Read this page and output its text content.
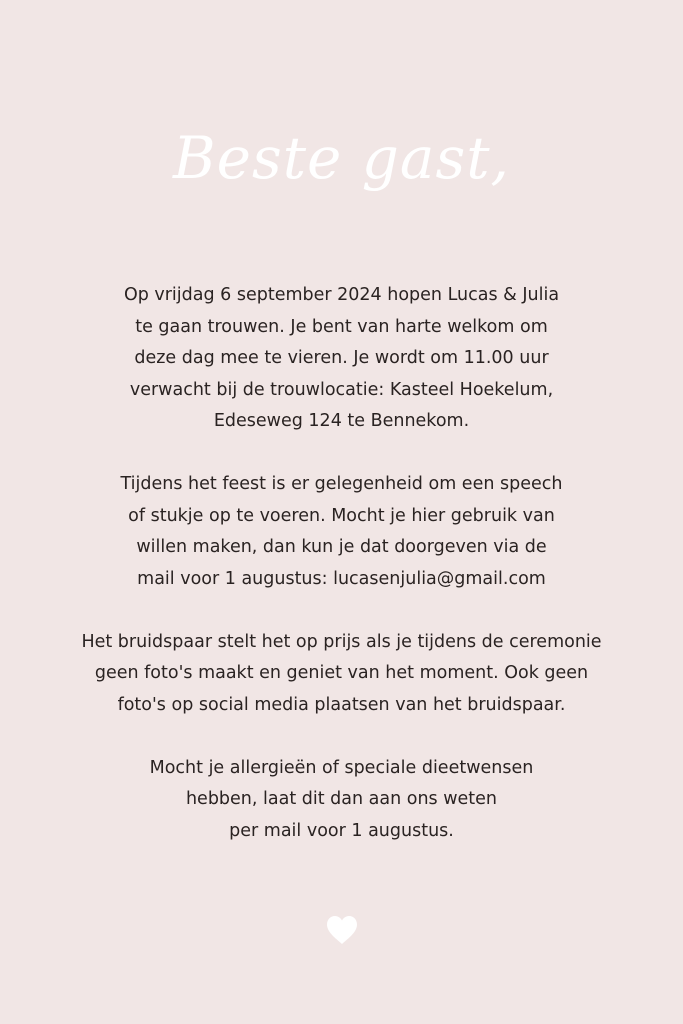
Beste gast,

Op vrijdag 6 september 2024 hopen Lucas & Julia
te gaan trouwen. Je bent van harte welkom om
deze dag mee te vieren. Je wordt om 11.00 uur
verwacht bij de trouwlocatie: Kasteel Hoekelum,
Edeseweg 124 te Bennekom.

Tijdens het feest is er gelegenheid om een speech
of stukje op te voeren. Mocht je hier gebruik van
willen maken, dan kun je dat doorgeven via de
mail voor 1 augustus: lucasenjulia@gmail.com

Het bruidspaar stelt het op prijs als je tijdens de ceremonie
geen foto's maakt en geniet van het moment. Ook geen
foto's op social media plaatsen van het bruidspaar.

Mocht je allergieën of speciale dieetwensen
hebben, laat dit dan aan ons weten
per mail voor 1 augustus.
